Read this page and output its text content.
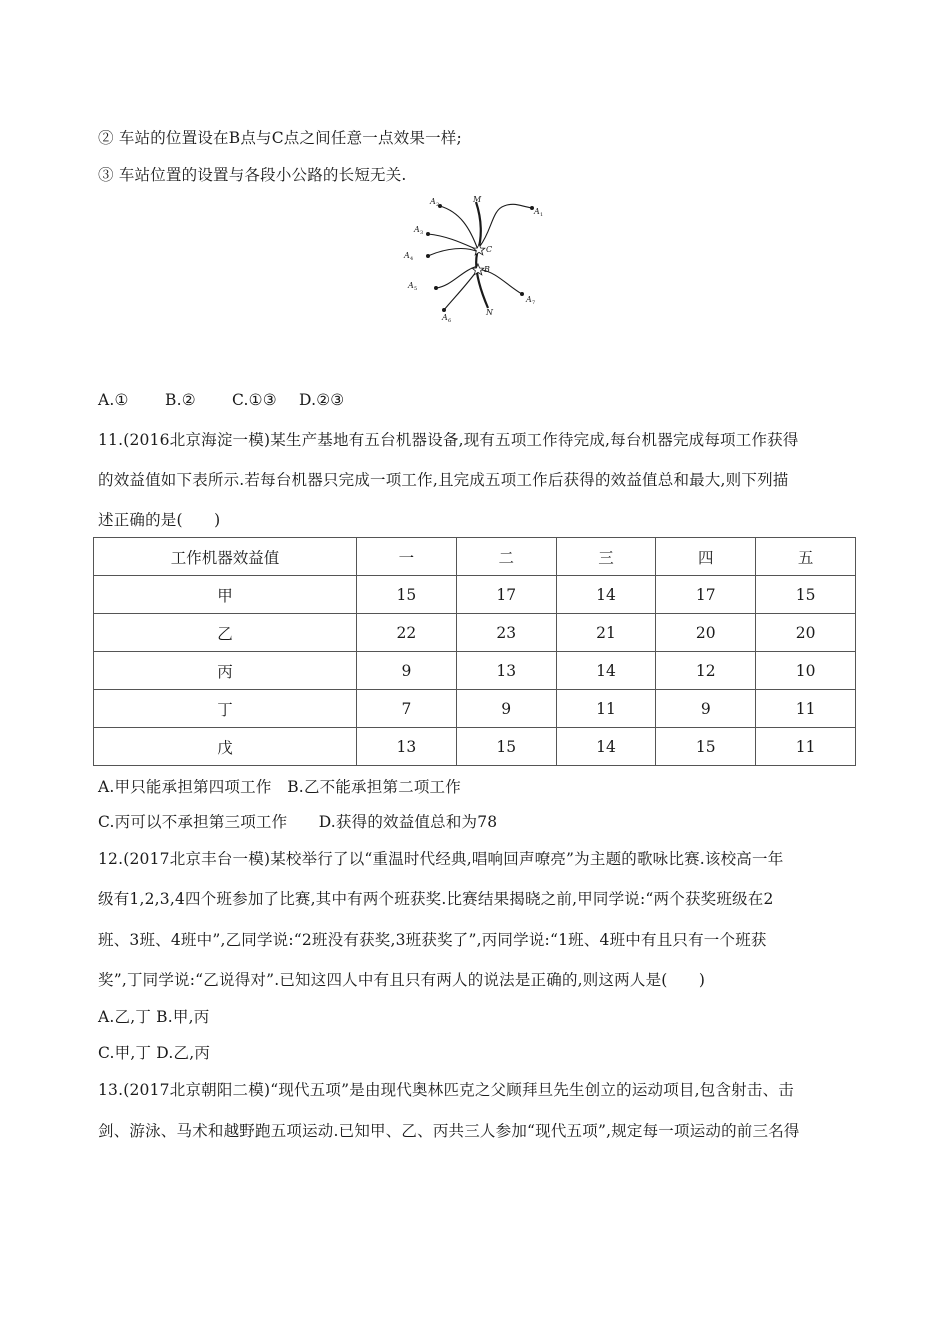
② 车站的位置设在B点与C点之间任意一点效果一样;
③ 车站位置的设置与各段小公路的长短无关.
M
N
C
B
A 1
A 2
A 3
A 4
A 5
A 6
A 7
A.① B.② C.①③ D.②③
11.(2016北京海淀一模)某生产基地有五台机器设备,现有五项工作待完成,每台机器完成每项工作获得
的效益值如下表所示.若每台机器只完成一项工作,且完成五项工作后获得的效益值总和最大,则下列描
述正确的是(　　)
工作机器效益值	一	二	三	四	五
甲	15	17	14	17	15
乙	22	23	21	20	20
丙	9	13	14	12	10
丁	7	9	11	9	11
戊	13	15	14	15	11
A.甲只能承担第四项工作　B.乙不能承担第二项工作
C.丙可以不承担第三项工作　　D.获得的效益值总和为78
12.(2017北京丰台一模)某校举行了以“重温时代经典,唱响回声嘹亮”为主题的歌咏比赛.该校高一年
级有1,2,3,4四个班参加了比赛,其中有两个班获奖.比赛结果揭晓之前,甲同学说:“两个获奖班级在2
班、3班、4班中”,乙同学说:“2班没有获奖,3班获奖了”,丙同学说:“1班、4班中有且只有一个班获
奖”,丁同学说:“乙说得对”.已知这四人中有且只有两人的说法是正确的,则这两人是(　　)
A.乙,丁 B.甲,丙
C.甲,丁 D.乙,丙
13.(2017北京朝阳二模)“现代五项”是由现代奥林匹克之父顾拜旦先生创立的运动项目,包含射击、击
剑、游泳、马术和越野跑五项运动.已知甲、乙、丙共三人参加“现代五项”,规定每一项运动的前三名得
